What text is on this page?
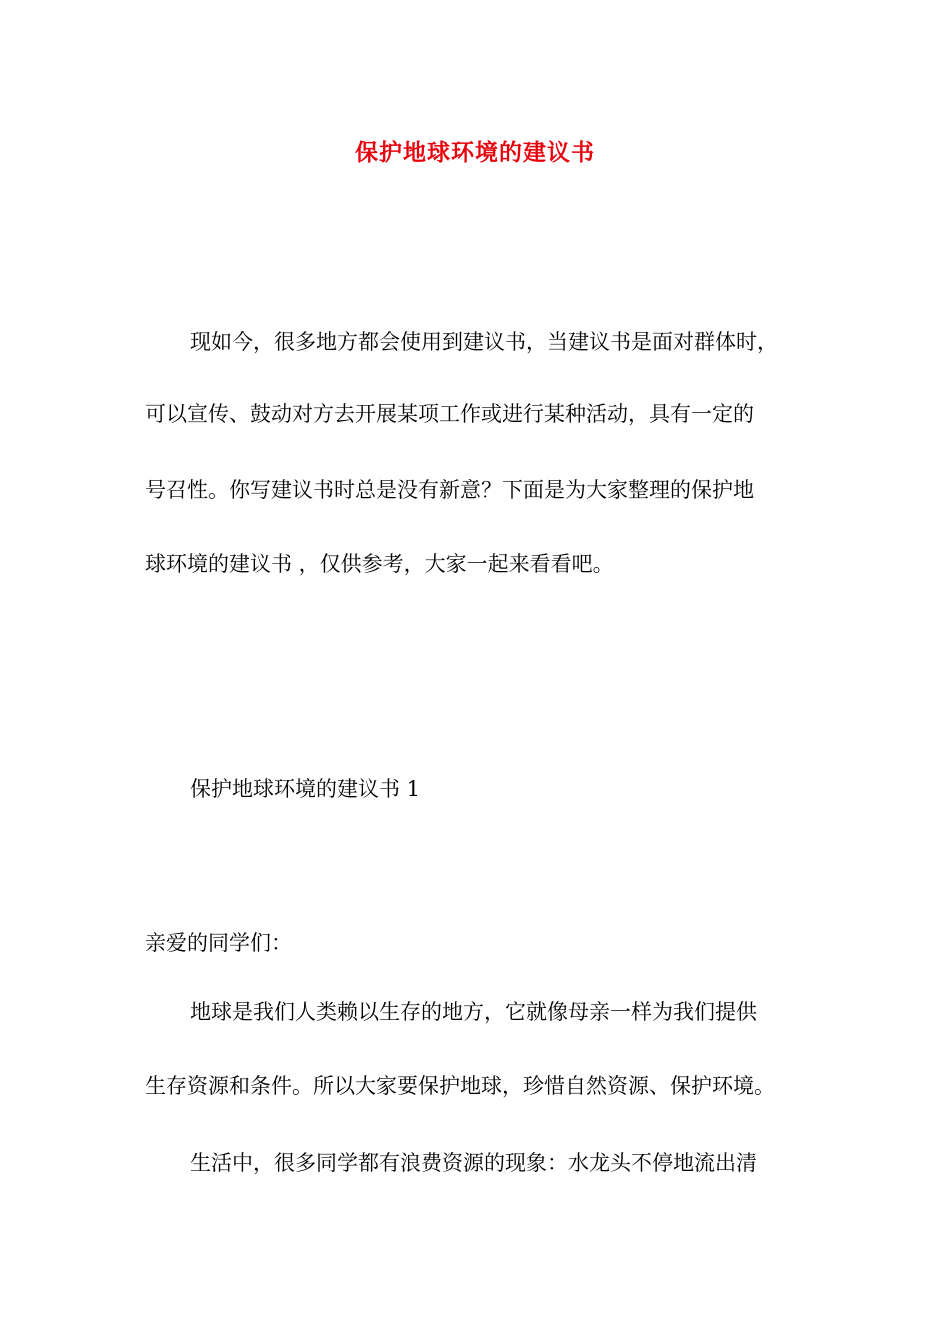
保护地球环境的建议书
现如今，很多地方都会使用到建议书，当建议书是面对群体时，
可以宣传、鼓动对方去开展某项工作或进行某种活动，具有一定的
号召性。你写建议书时总是没有新意？下面是为大家整理的保护地
球环境的建议书 ，仅供参考，大家一起来看看吧。
保护地球环境的建议书 1
亲爱的同学们：
地球是我们人类赖以生存的地方，它就像母亲一样为我们提供
生存资源和条件。所以大家要保护地球，珍惜自然资源、保护环境。
生活中，很多同学都有浪费资源的现象：水龙头不停地流出清
